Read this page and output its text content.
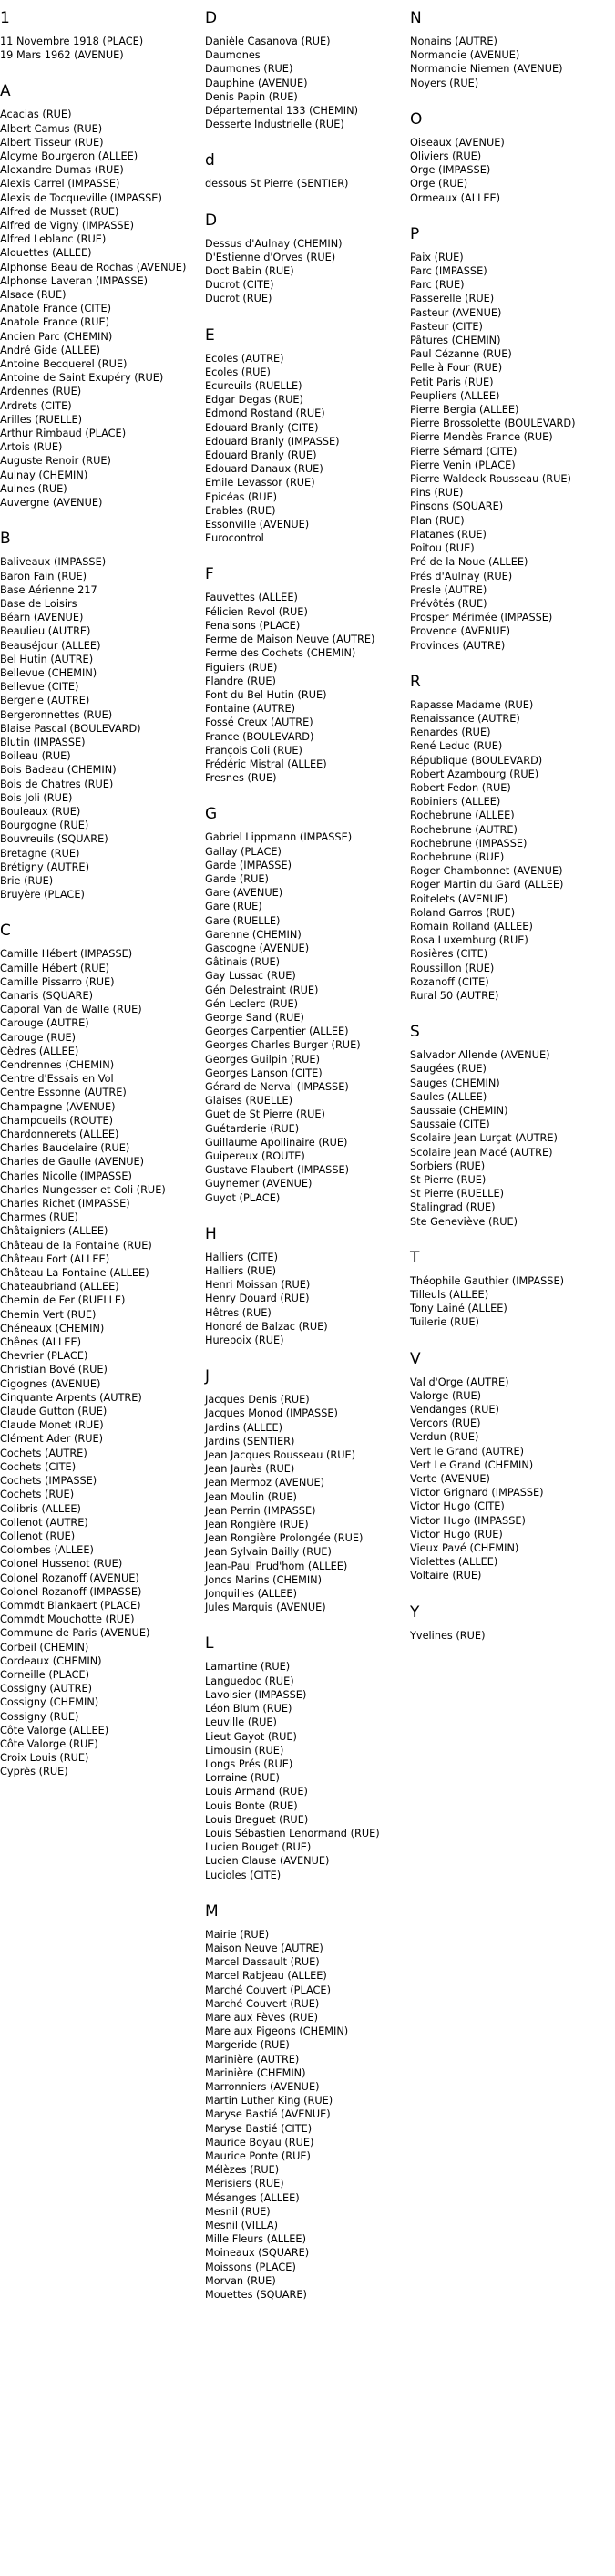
1
11 Novembre 1918 (PLACE)
19 Mars 1962 (AVENUE)
A
Acacias (RUE)
Albert Camus (RUE)
Albert Tisseur (RUE)
Alcyme Bourgeron (ALLEE)
Alexandre Dumas (RUE)
Alexis Carrel (IMPASSE)
Alexis de Tocqueville (IMPASSE)
Alfred de Musset (RUE)
Alfred de Vigny (IMPASSE)
Alfred Leblanc (RUE)
Alouettes (ALLEE)
Alphonse Beau de Rochas (AVENUE)
Alphonse Laveran (IMPASSE)
Alsace (RUE)
Anatole France (CITE)
Anatole France (RUE)
Ancien Parc (CHEMIN)
André Gide (ALLEE)
Antoine Becquerel (RUE)
Antoine de Saint Exupéry (RUE)
Ardennes (RUE)
Ardrets (CITE)
Arilles (RUELLE)
Arthur Rimbaud (PLACE)
Artois (RUE)
Auguste Renoir (RUE)
Aulnay (CHEMIN)
Aulnes (RUE)
Auvergne (AVENUE)
B
Baliveaux (IMPASSE)
Baron Fain (RUE)
Base Aérienne 217
Base de Loisirs
Béarn (AVENUE)
Beaulieu (AUTRE)
Beauséjour (ALLEE)
Bel Hutin (AUTRE)
Bellevue (CHEMIN)
Bellevue (CITE)
Bergerie (AUTRE)
Bergeronnettes (RUE)
Blaise Pascal (BOULEVARD)
Blutin (IMPASSE)
Boileau (RUE)
Bois Badeau (CHEMIN)
Bois de Chatres (RUE)
Bois Joli (RUE)
Bouleaux (RUE)
Bourgogne (RUE)
Bouvreuils (SQUARE)
Bretagne (RUE)
Brétigny (AUTRE)
Brie (RUE)
Bruyère (PLACE)
C
Camille Hébert (IMPASSE)
Camille Hébert (RUE)
Camille Pissarro (RUE)
Canaris (SQUARE)
Caporal Van de Walle (RUE)
Carouge (AUTRE)
Carouge (RUE)
Cèdres (ALLEE)
Cendrennes (CHEMIN)
Centre d'Essais en Vol
Centre Essonne (AUTRE)
Champagne (AVENUE)
Champcueils (ROUTE)
Chardonnerets (ALLEE)
Charles Baudelaire (RUE)
Charles de Gaulle (AVENUE)
Charles Nicolle (IMPASSE)
Charles Nungesser et Coli (RUE)
Charles Richet (IMPASSE)
Charmes (RUE)
Châtaigniers (ALLEE)
Château de la Fontaine (RUE)
Château Fort (ALLEE)
Château La Fontaine (ALLEE)
Chateaubriand (ALLEE)
Chemin de Fer (RUELLE)
Chemin Vert (RUE)
Chéneaux (CHEMIN)
Chênes (ALLEE)
Chevrier (PLACE)
Christian Bové (RUE)
Cigognes (AVENUE)
Cinquante Arpents (AUTRE)
Claude Gutton (RUE)
Claude Monet (RUE)
Clément Ader (RUE)
Cochets (AUTRE)
Cochets (CITE)
Cochets (IMPASSE)
Cochets (RUE)
Colibris (ALLEE)
Collenot (AUTRE)
Collenot (RUE)
Colombes (ALLEE)
Colonel Husseno​t (RUE)
Colonel Rozanoff (AVENUE)
Colonel Rozanoff (IMPASSE)
Commdt Blankaert (PLACE)
Commdt Mouchotte (RUE)
Commune de Paris (AVENUE)
Corbeil (CHEMIN)
Cordeaux (CHEMIN)
Corneille (PLACE)
Cossigny (AUTRE)
Cossigny (CHEMIN)
Cossigny (RUE)
Côte Valorge (ALLEE)
Côte Valorge (RUE)
Croix Louis (RUE)
Cyprès (RUE)
D
Danièle Casanova (RUE)
Daumones
Daumones (RUE)
Dauphine (AVENUE)
Denis Papin (RUE)
Départemental 133 (CHEMIN)
Desserte Industrielle (RUE)
d
dessous St Pierre (SENTIER)
D
Dessus d'Aulnay (CHEMIN)
D'Estienne d'Orves (RUE)
Doct Babin (RUE)
Ducrot (CITE)
Ducrot (RUE)
E
Ecoles (AUTRE)
Ecoles (RUE)
Ecureuils (RUELLE)
Edgar Degas (RUE)
Edmond Rostand (RUE)
Edouard Branly (CITE)
Edouard Branly (IMPASSE)
Edouard Branly (RUE)
Edouard Danaux (RUE)
Emile Levassor (RUE)
Epicéas (RUE)
Erables (RUE)
Essonville (AVENUE)
Eurocontrol
F
Fauvettes (ALLEE)
Félicien Revol (RUE)
Fenaisons (PLACE)
Ferme de Maison Neuve (AUTRE)
Ferme des Cochets (CHEMIN)
Figuiers (RUE)
Flandre (RUE)
Font du Bel Hutin (RUE)
Fontaine (AUTRE)
Fossé Creux (AUTRE)
France (BOULEVARD)
François Coli (RUE)
Frédéric Mistral (ALLEE)
Fresnes (RUE)
G
Gabriel Lippmann (IMPASSE)
Gallay (PLACE)
Garde (IMPASSE)
Garde (RUE)
Gare (AVENUE)
Gare (RUE)
Gare (RUELLE)
Garenne (CHEMIN)
Gascogne (AVENUE)
Gâtinais (RUE)
Gay Lussac (RUE)
Gén Delestraint (RUE)
Gén Leclerc (RUE)
George Sand (RUE)
Georges Carpentier (ALLEE)
Georges Charles Burger (RUE)
Georges Guilpin (RUE)
Georges Lanson (CITE)
Gérard de Nerval (IMPASSE)
Glaises (RUELLE)
Guet de St Pierre (RUE)
Guétarderie (RUE)
Guillaume Apollinaire (RUE)
Guipereux (ROUTE)
Gustave Flaubert (IMPASSE)
Guynemer (AVENUE)
Guyot (PLACE)
H
Halliers (CITE)
Halliers (RUE)
Henri Moissan (RUE)
Henry Douard (RUE)
Hêtres (RUE)
Honoré de Balzac (RUE)
Hurepoix (RUE)
J
Jacques Denis (RUE)
Jacques Monod (IMPASSE)
Jardins (ALLEE)
Jardins (SENTIER)
Jean Jacques Rousseau (RUE)
Jean Jaurès (RUE)
Jean Mermoz (AVENUE)
Jean Moulin (RUE)
Jean Perrin (IMPASSE)
Jean Rongière (RUE)
Jean Rongière Prolongée (RUE)
Jean Sylvain Bailly (RUE)
Jean-Paul Prud'hom (ALLEE)
Joncs Marins (CHEMIN)
Jonquilles (ALLEE)
Jules Marquis (AVENUE)
L
Lamartine (RUE)
Languedoc (RUE)
Lavoisier (IMPASSE)
Léon Blum (RUE)
Leuville (RUE)
Lieut Gayot (RUE)
Limousin (RUE)
Longs Prés (RUE)
Lorraine (RUE)
Louis Armand (RUE)
Louis Bonte (RUE)
Louis Breguet (RUE)
Louis Sébastien Lenormand (RUE)
Lucien Bouget (RUE)
Lucien Clause (AVENUE)
Lucioles (CITE)
M
Mairie (RUE)
Maison Neuve (AUTRE)
Marcel Dassault (RUE)
Marcel Rabjeau (ALLEE)
Marché Couvert (PLACE)
Marché Couvert (RUE)
Mare aux Fèves (RUE)
Mare aux Pigeons (CHEMIN)
Margeride (RUE)
Marinière (AUTRE)
Marinière (CHEMIN)
Marronniers (AVENUE)
Martin Luther King (RUE)
Maryse Bastié (AVENUE)
Maryse Bastié (CITE)
Maurice Boyau (RUE)
Maurice Ponte (RUE)
Mélèzes (RUE)
Merisiers (RUE)
Mésanges (ALLEE)
Mesnil (RUE)
Mesnil (VILLA)
Mille Fleurs (ALLEE)
Moineaux (SQUARE)
Moissons (PLACE)
Morvan (RUE)
Mouettes (SQUARE)
N
Nonains (AUTRE)
Normandie (AVENUE)
Normandie Niemen (AVENUE)
Noyers (RUE)
O
Oiseaux (AVENUE)
Oliviers (RUE)
Orge (IMPASSE)
Orge (RUE)
Ormeaux (ALLEE)
P
Paix (RUE)
Parc (IMPASSE)
Parc (RUE)
Passerelle (RUE)
Pasteur (AVENUE)
Pasteur (CITE)
Pâtures (CHEMIN)
Paul Cézanne (RUE)
Pelle à Four (RUE)
Petit Paris (RUE)
Peupliers (ALLEE)
Pierre Bergia (ALLEE)
Pierre Brossolette (BOULEVARD)
Pierre Mendès France (RUE)
Pierre Sémard (CITE)
Pierre Venin (PLACE)
Pierre Waldeck Rousseau (RUE)
Pins (RUE)
Pinsons (SQUARE)
Plan (RUE)
Platanes (RUE)
Poitou (RUE)
Pré de la Noue (ALLEE)
Prés d'Aulnay (RUE)
Presle (AUTRE)
Prévôtés (RUE)
Prosper Mérimée (IMPASSE)
Provence (AVENUE)
Provinces (AUTRE)
R
Rapasse Madame (RUE)
Renaissance (AUTRE)
Renardes (RUE)
René Leduc (RUE)
République (BOULEVARD)
Robert Azambourg (RUE)
Robert Fedon (RUE)
Robiniers (ALLEE)
Rochebrune (ALLEE)
Rochebrune (AUTRE)
Rochebrune (IMPASSE)
Rochebrune (RUE)
Roger Chambonnet (AVENUE)
Roger Martin du Gard (ALLEE)
Roitelets (AVENUE)
Roland Garros (RUE)
Romain Rolland (ALLEE)
Rosa Luxemburg (RUE)
Rosières (CITE)
Roussillon (RUE)
Rozanoff (CITE)
Rural 50 (AUTRE)
S
Salvador Allende (AVENUE)
Saugées (RUE)
Sauges (CHEMIN)
Saules (ALLEE)
Saussaie (CHEMIN)
Saussaie (CITE)
Scolaire Jean Lurçat (AUTRE)
Scolaire Jean Macé (AUTRE)
Sorbiers (RUE)
St Pierre (RUE)
St Pierre (RUELLE)
Stalingrad (RUE)
Ste Geneviève (RUE)
T
Théophile Gauthier (IMPASSE)
Tilleuls (ALLEE)
Tony Lainé (ALLEE)
Tuilerie (RUE)
V
Val d'Orge (AUTRE)
Valorge (RUE)
Vendanges (RUE)
Vercors (RUE)
Verdun (RUE)
Vert le Grand (AUTRE)
Vert Le Grand (CHEMIN)
Verte (AVENUE)
Victor Grignard (IMPASSE)
Victor Hugo (CITE)
Victor Hugo (IMPASSE)
Victor Hugo (RUE)
Vieux Pavé (CHEMIN)
Violettes (ALLEE)
Voltaire (RUE)
Y
Yvelines (RUE)
